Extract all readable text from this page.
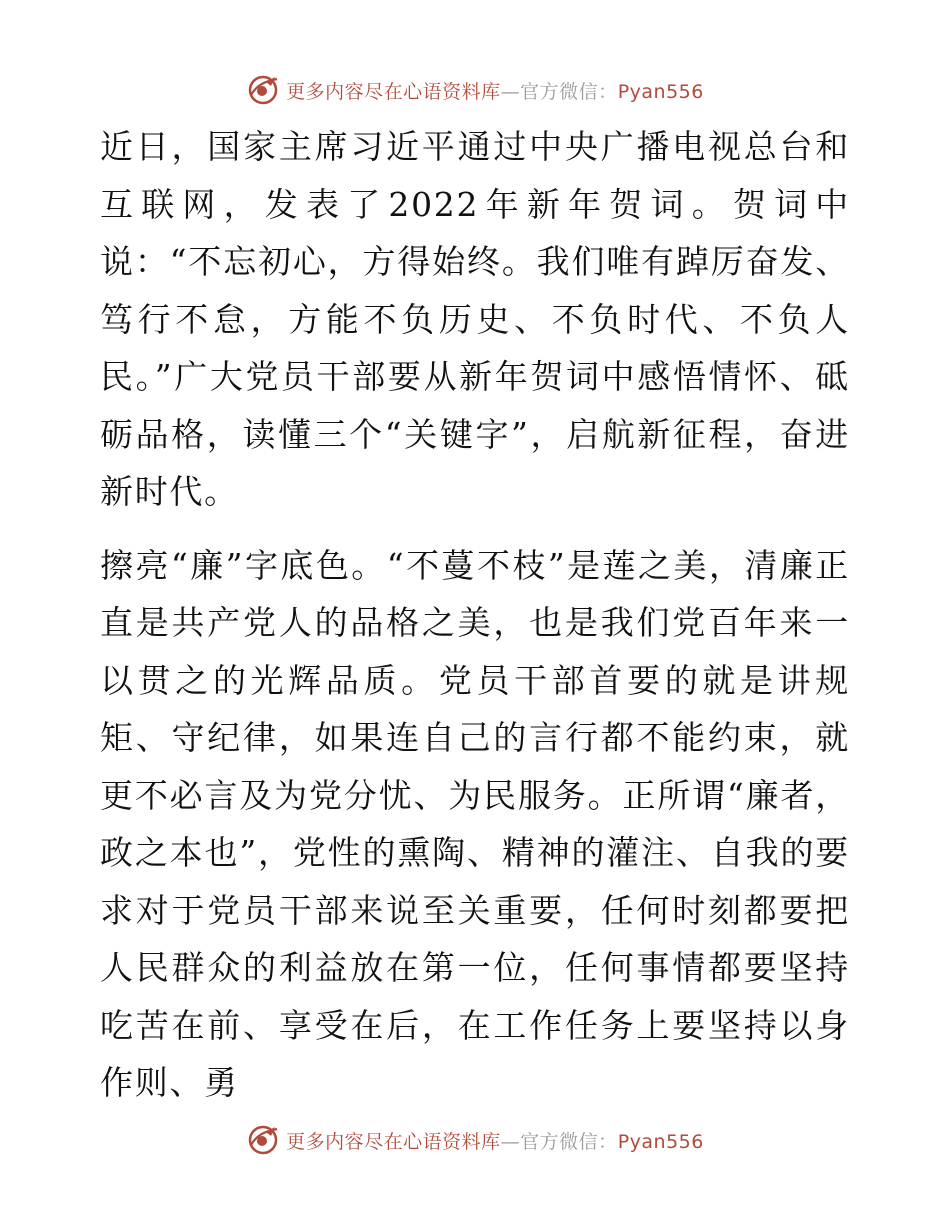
更多内容尽在心语资料库—官方微信：Pyan556

近日，国家主席习近平通过中央广播电视总台和互联网，发表了2022年新年贺词。贺词中说：“不忘初心，方得始终。我们唯有踔厉奋发、笃行不怠，方能不负历史、不负时代、不负人民。”广大党员干部要从新年贺词中感悟情怀、砥砺品格，读懂三个“关键字”，启航新征程，奋进新时代。

擦亮“廉”字底色。“不蔓不枝”是莲之美，清廉正直是共产党人的品格之美，也是我们党百年来一以贯之的光辉品质。党员干部首要的就是讲规矩、守纪律，如果连自己的言行都不能约束，就更不必言及为党分忧、为民服务。正所谓“廉者，政之本也”，党性的熏陶、精神的灌注、自我的要求对于党员干部来说至关重要，任何时刻都要把人民群众的利益放在第一位，任何事情都要坚持吃苦在前、享受在后，在工作任务上要坚持以身作则、勇

更多内容尽在心语资料库—官方微信：Pyan556
